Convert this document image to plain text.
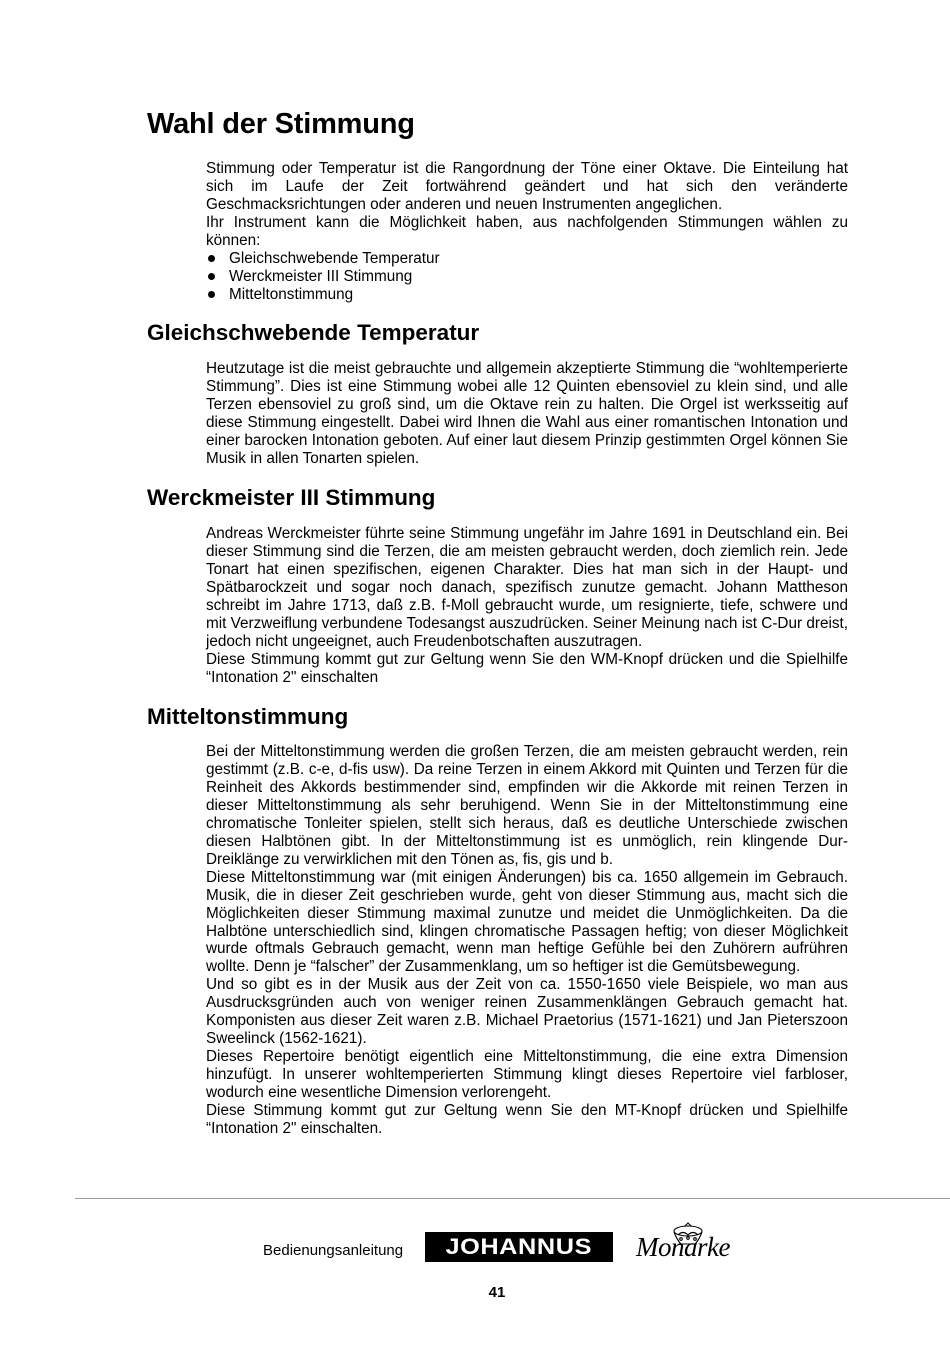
Wahl der Stimmung

Stimmung oder Temperatur ist die Rangordnung der Töne einer Oktave. Die Einteilung hat sich im Laufe der Zeit fortwährend geändert und hat sich den veränderte Geschmacksrichtungen oder anderen und neuen Instrumenten angeglichen.

Ihr Instrument kann die Möglichkeit haben, aus nachfolgenden Stimmungen wählen zu können:

Gleichschwebende Temperatur
Werckmeister III Stimmung
Mitteltonstimmung
Gleichschwebende Temperatur

Heutzutage ist die meist gebrauchte und allgemein akzeptierte Stimmung die “wohltemperierte Stimmung”. Dies ist eine Stimmung wobei alle 12 Quinten ebensoviel zu klein sind, und alle Terzen ebensoviel zu groß sind, um die Oktave rein zu halten. Die Orgel ist werksseitig auf diese Stimmung eingestellt. Dabei wird Ihnen die Wahl aus einer romantischen Intonation und einer barocken Intonation geboten. Auf einer laut diesem Prinzip gestimmten Orgel können Sie Musik in allen Tonarten spielen.

Werckmeister III Stimmung

Andreas Werckmeister führte seine Stimmung ungefähr im Jahre 1691 in Deutschland ein. Bei dieser Stimmung sind die Terzen, die am meisten gebraucht werden, doch ziemlich rein. Jede Tonart hat einen spezifischen, eigenen Charakter. Dies hat man sich in der Haupt- und Spätbarockzeit und sogar noch danach, spezifisch zunutze gemacht. Johann Mattheson schreibt im Jahre 1713, daß z.B. f-Moll gebraucht wurde, um resignierte, tiefe, schwere und mit Verzweiflung verbundene Todesangst auszudrücken. Seiner Meinung nach ist C-Dur dreist, jedoch nicht ungeeignet, auch Freudenbotschaften auszutragen.

Diese Stimmung kommt gut zur Geltung wenn Sie den WM-Knopf drücken und die Spielhilfe “Intonation 2" einschalten

Mitteltonstimmung

Bei der Mitteltonstimmung werden die großen Terzen, die am meisten gebraucht werden, rein gestimmt (z.B. c-e, d-fis usw). Da reine Terzen in einem Akkord mit Quinten und Terzen für die Reinheit des Akkords bestimmender sind, empfinden wir die Akkorde mit reinen Terzen in dieser Mitteltonstimmung als sehr beruhigend. Wenn Sie in der Mitteltonstimmung eine chromatische Tonleiter spielen, stellt sich heraus, daß es deutliche Unterschiede zwischen diesen Halbtönen gibt. In der Mitteltonstimmung ist es unmöglich, rein klingende Dur-Dreiklänge zu verwirklichen mit den Tönen as, fis, gis und b.

Diese Mitteltonstimmung war (mit einigen Änderungen) bis ca. 1650 allgemein im Gebrauch. Musik, die in dieser Zeit geschrieben wurde, geht von dieser Stimmung aus, macht sich die Möglichkeiten dieser Stimmung maximal zunutze und meidet die Unmöglichkeiten. Da die Halbtöne unterschiedlich sind, klingen chromatische Passagen heftig; von dieser Möglichkeit wurde oftmals Gebrauch gemacht, wenn man heftige Gefühle bei den Zuhörern aufrühren wollte. Denn je “falscher” der Zusammenklang, um so heftiger ist die Gemütsbewegung.

Und so gibt es in der Musik aus der Zeit von ca. 1550-1650 viele Beispiele, wo man aus Ausdrucksgründen auch von weniger reinen Zusammenklängen Gebrauch gemacht hat. Komponisten aus dieser Zeit waren z.B. Michael Praetorius (1571-1621) und Jan Pieterszoon Sweelinck (1562-1621).

Dieses Repertoire benötigt eigentlich eine Mitteltonstimmung, die eine extra Dimension hinzufügt. In unserer wohltemperierten Stimmung klingt dieses Repertoire viel farbloser, wodurch eine wesentliche Dimension verlorengeht.

Diese Stimmung kommt gut zur Geltung wenn Sie den MT-Knopf drücken und Spielhilfe “Intonation 2" einschalten.

Bedienungsanleitung JOHANNUS Monarke
41
